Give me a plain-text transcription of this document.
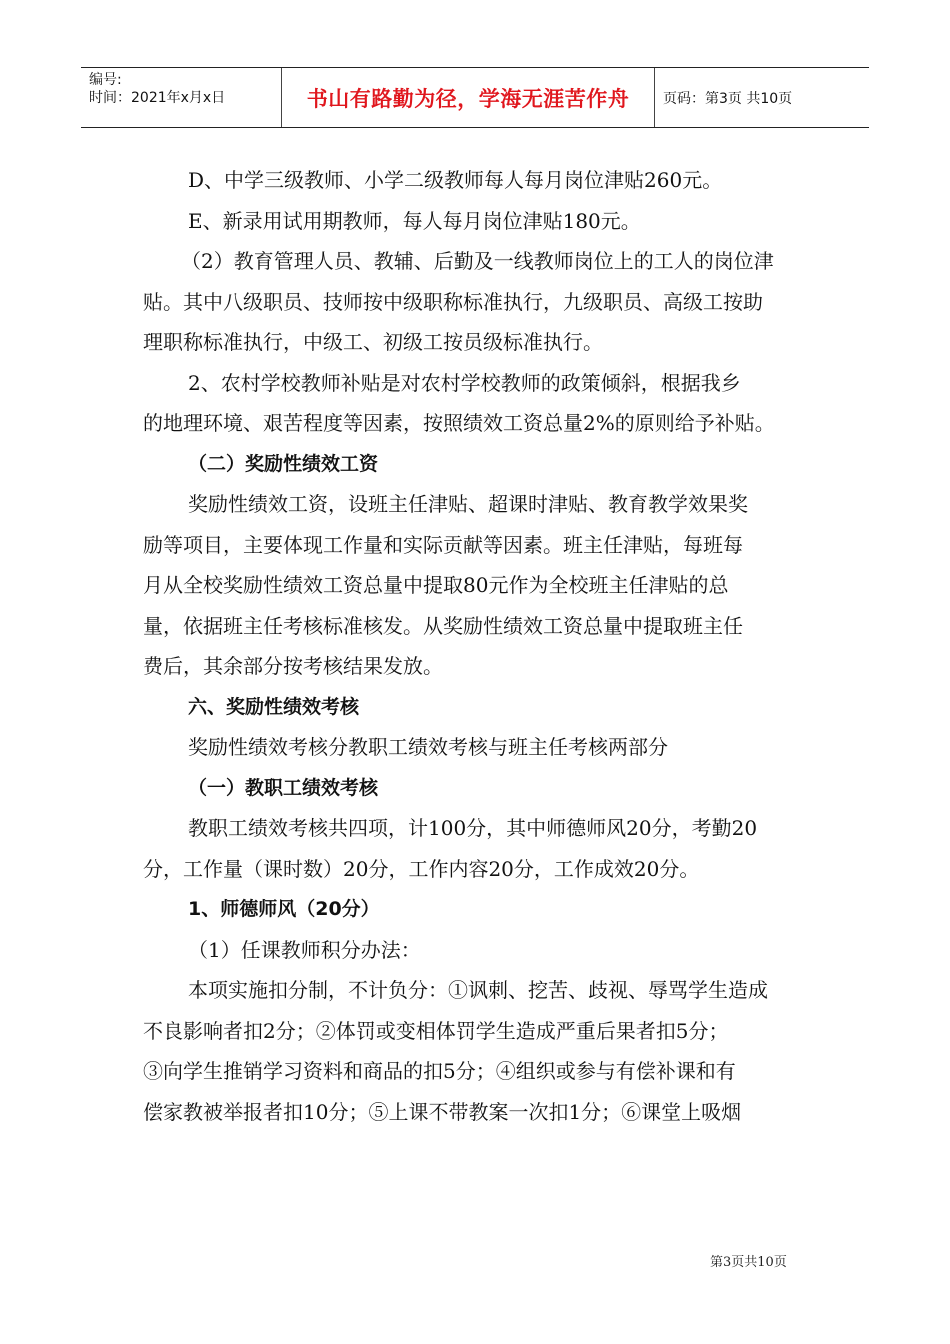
编号:
时间：2021年x月x日	书山有路勤为径，学海无涯苦作舟	页码：第3页 共10页

D、中学三级教师、小学二级教师每人每月岗位津贴260元。

E、新录用试用期教师，每人每月岗位津贴180元。

（2）教育管理人员、教辅、后勤及一线教师岗位上的工人的岗位津

贴。其中八级职员、技师按中级职称标准执行，九级职员、高级工按助

理职称标准执行，中级工、初级工按员级标准执行。

2、农村学校教师补贴是对农村学校教师的政策倾斜，根据我乡

的地理环境、艰苦程度等因素，按照绩效工资总量2%的原则给予补贴。

（二）奖励性绩效工资

奖励性绩效工资，设班主任津贴、超课时津贴、教育教学效果奖

励等项目，主要体现工作量和实际贡献等因素。班主任津贴，每班每

月从全校奖励性绩效工资总量中提取80元作为全校班主任津贴的总

量，依据班主任考核标准核发。从奖励性绩效工资总量中提取班主任

费后，其余部分按考核结果发放。

六、奖励性绩效考核

奖励性绩效考核分教职工绩效考核与班主任考核两部分

（一）教职工绩效考核

教职工绩效考核共四项，计100分，其中师德师风20分，考勤20

分，工作量（课时数）20分，工作内容20分，工作成效20分。

1、师德师风（20分）

（1）任课教师积分办法：

本项实施扣分制，不计负分：①讽刺、挖苦、歧视、辱骂学生造成

不良影响者扣2分；②体罚或变相体罚学生造成严重后果者扣5分；

③向学生推销学习资料和商品的扣5分；④组织或参与有偿补课和有

偿家教被举报者扣10分；⑤上课不带教案一次扣1分；⑥课堂上吸烟

第3页共10页
